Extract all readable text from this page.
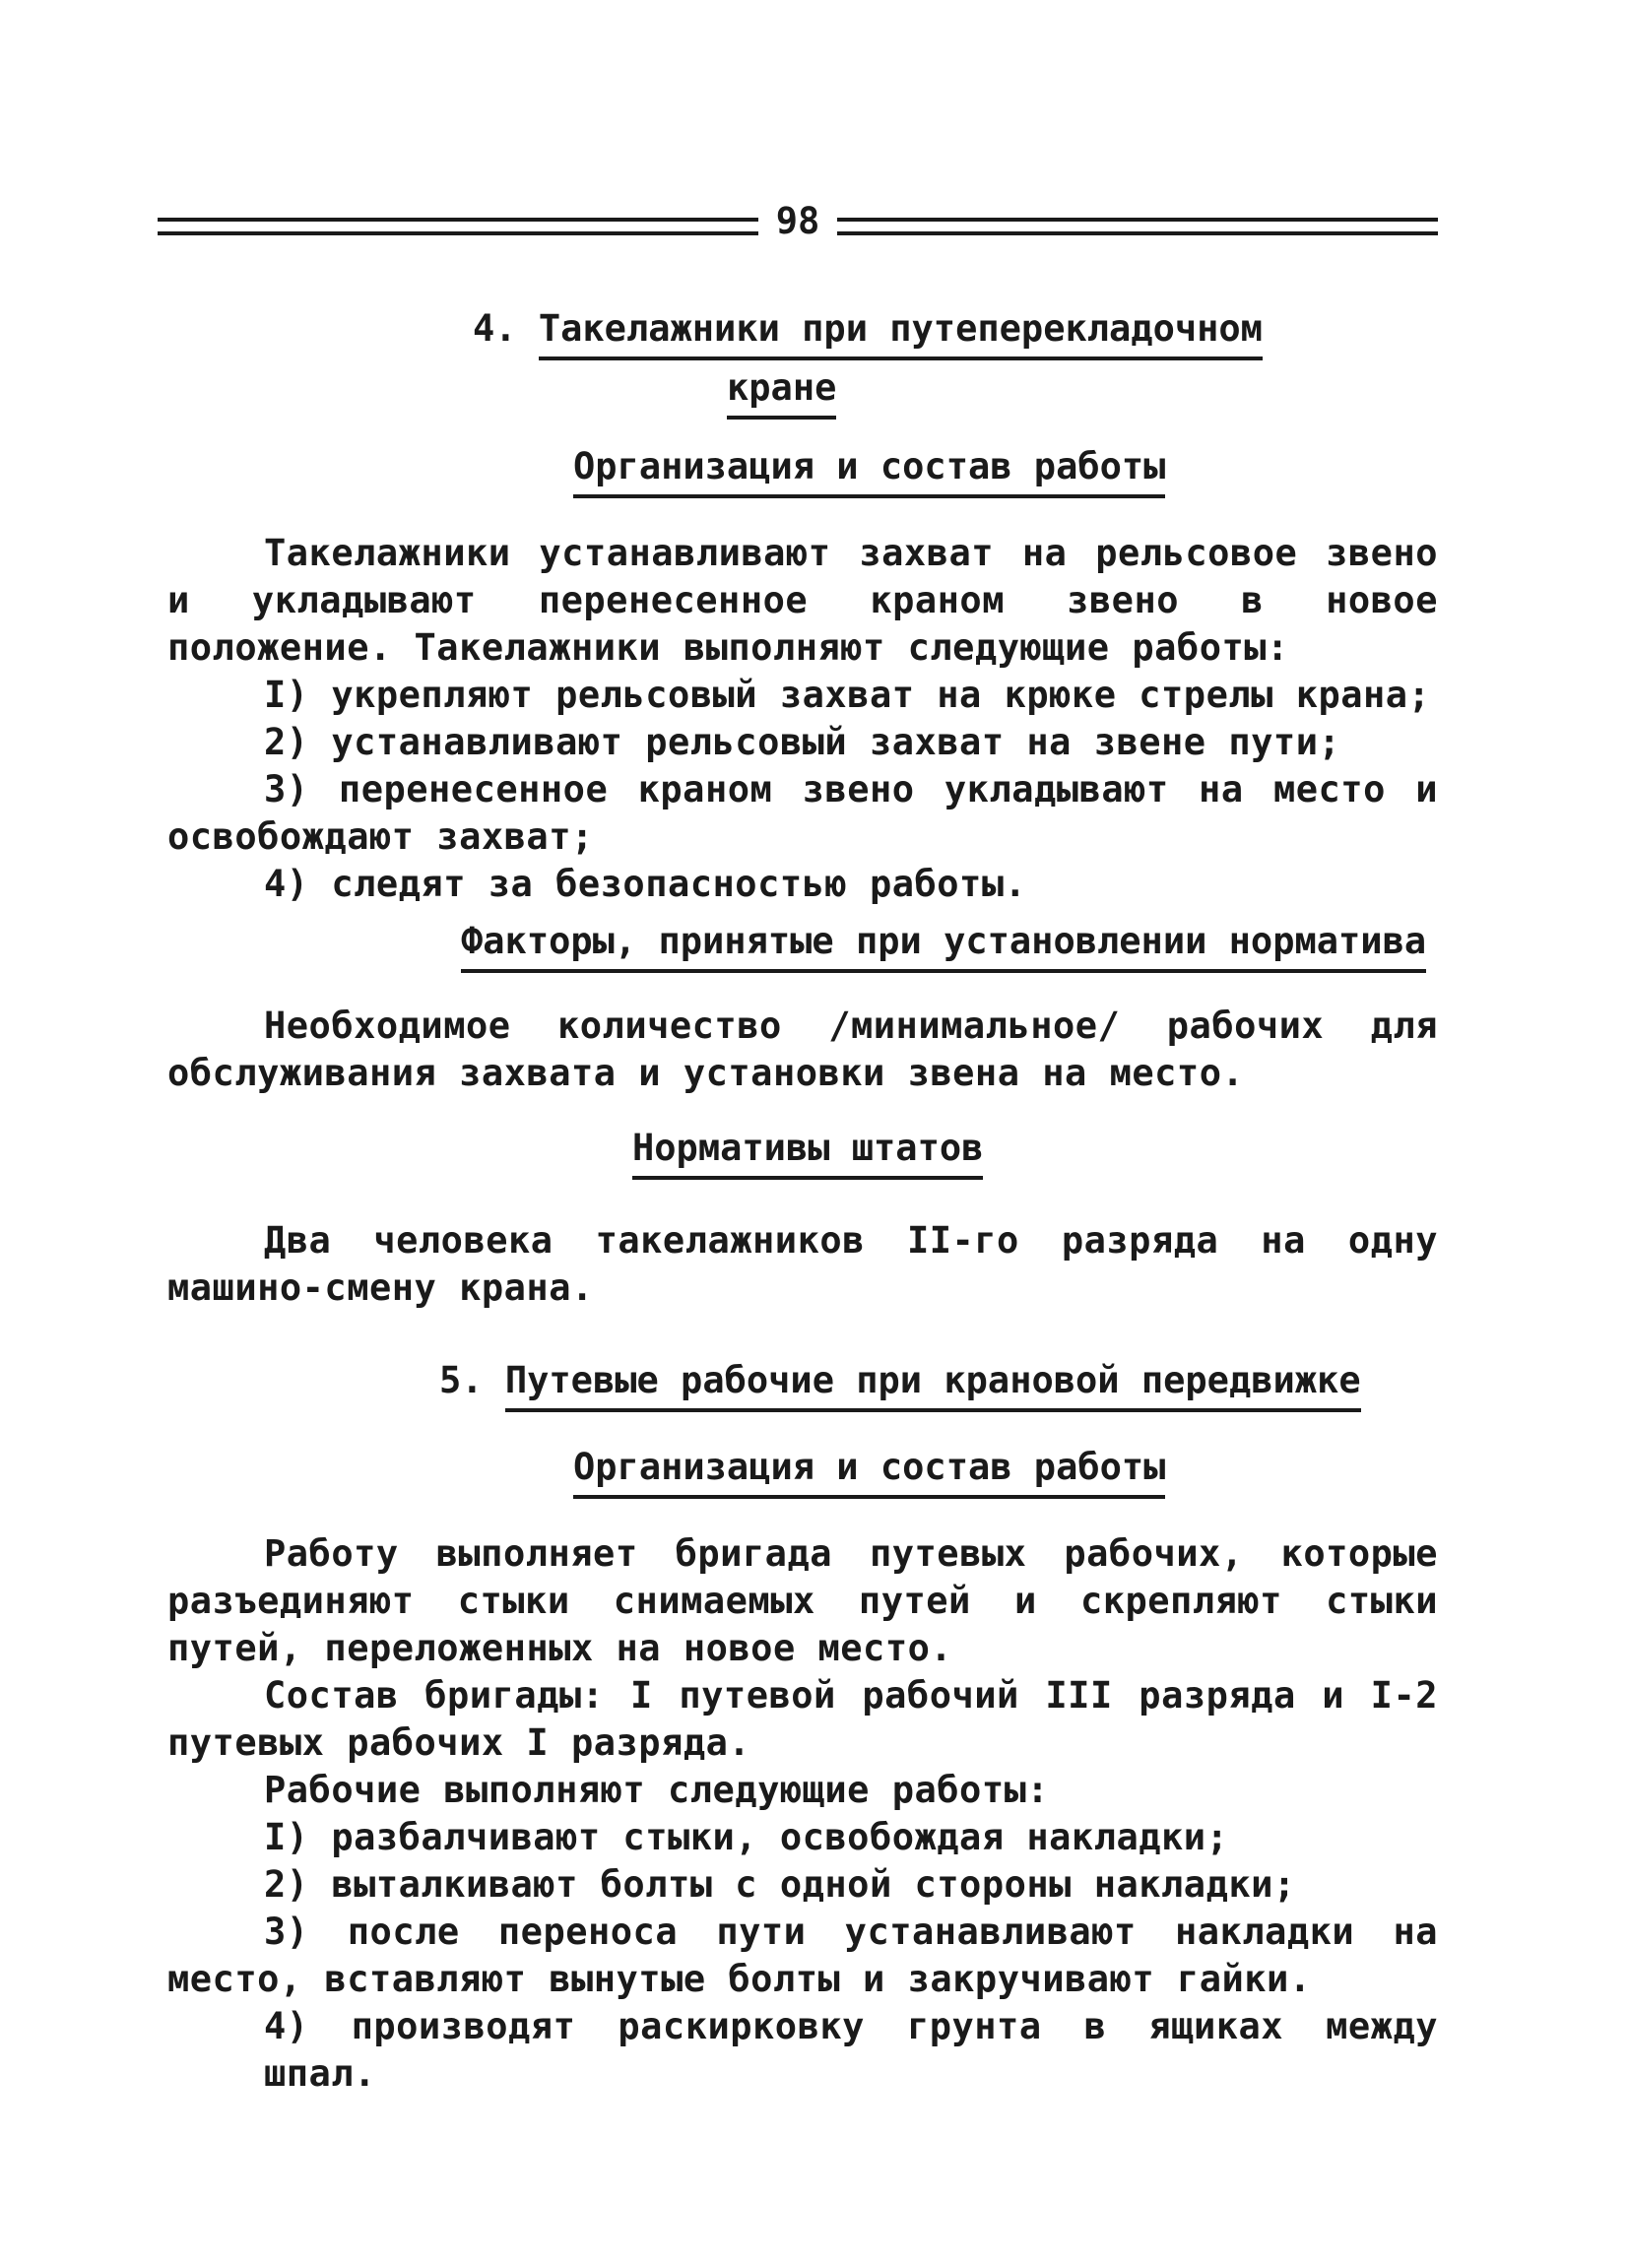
98
4. Такелажники при путеперекладочном
кране
Организация и состав работы

Такелажники устанавливают захват на рельсовое звено и укладывают перенесенное краном звено в новое положение. Такелажники выполняют следующие работы:

I) укрепляют рельсовый захват на крюке стрелы крана;

2) устанавливают рельсовый захват на звене пути;

3) перенесенное краном звено укладывают на место и освобождают захват;

4) следят за безопасностью работы.

Факторы, принятые при установлении норматива

Необходимое количество /минимальное/ рабочих для обслуживания захвата и установки звена на место.

Нормативы штатов

Два человека такелажников II-го разряда на одну машино-смену крана.

5. Путевые рабочие при крановой передвижке
Организация и состав работы

Работу выполняет бригада путевых рабочих, которые разъединяют стыки снимаемых путей и скрепляют стыки путей, переложенных на новое место.

Состав бригады: I путевой рабочий III разряда и I-2 путевых рабочих I разряда.

Рабочие выполняют следующие работы:

I) разбалчивают стыки, освобождая накладки;

2) выталкивают болты с одной стороны накладки;

3) после переноса пути устанавливают накладки на место, вставляют вынутые болты и закручивают гайки.

4) производят раскирковку грунта в ящиках между шпал.
